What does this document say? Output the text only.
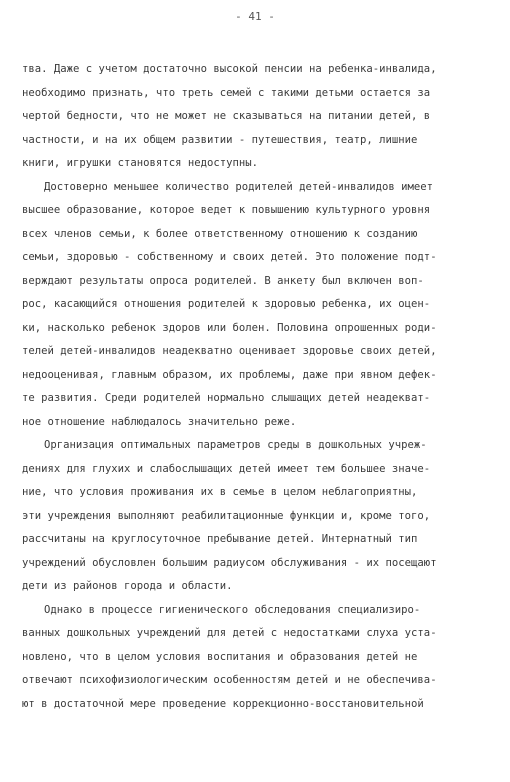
- 41 -
тва. Даже с учетом достаточно высокой пенсии на ребенка-инвалида,
необходимо признать, что треть семей с такими детьми остается за
чертой бедности, что не может не сказываться на питании детей, в
частности, и на их общем развитии - путешествия, театр, лишние
книги, игрушки становятся недоступны.
Достоверно меньшее количество родителей детей-инвалидов имеет
высшее образование, которое ведет к повышению культурного уровня
всех членов семьи, к более ответственному отношению к созданию
семьи, здоровью - собственному и своих детей. Это положение подт-
верждают результаты опроса родителей. В анкету был включен воп-
рос, касающийся отношения родителей к здоровью ребенка, их оцен-
ки, насколько ребенок здоров или болен. Половина опрошенных роди-
телей детей-инвалидов неадекватно оценивает здоровье своих детей,
недооценивая, главным образом, их проблемы, даже при явном дефек-
те развития. Среди родителей нормально слышащих детей неадекват-
ное отношение наблюдалось значительно реже.
Организация оптимальных параметров среды в дошкольных учреж-
дениях для глухих и слабослышащих детей имеет тем большее значе-
ние, что условия проживания их в семье в целом неблагоприятны,
эти учреждения выполняют реабилитационные функции и, кроме того,
рассчитаны на круглосуточное пребывание детей. Интернатный тип
учреждений обусловлен большим радиусом обслуживания - их посещают
дети из районов города и области.
Однако в процессе гигиенического обследования специализиро-
ванных дошкольных учреждений для детей с недостатками слуха уста-
новлено, что в целом условия воспитания и образования детей не
отвечают психофизиологическим особенностям детей и не обеспечива-
ют в достаточной мере проведение коррекционно-восстановительной
